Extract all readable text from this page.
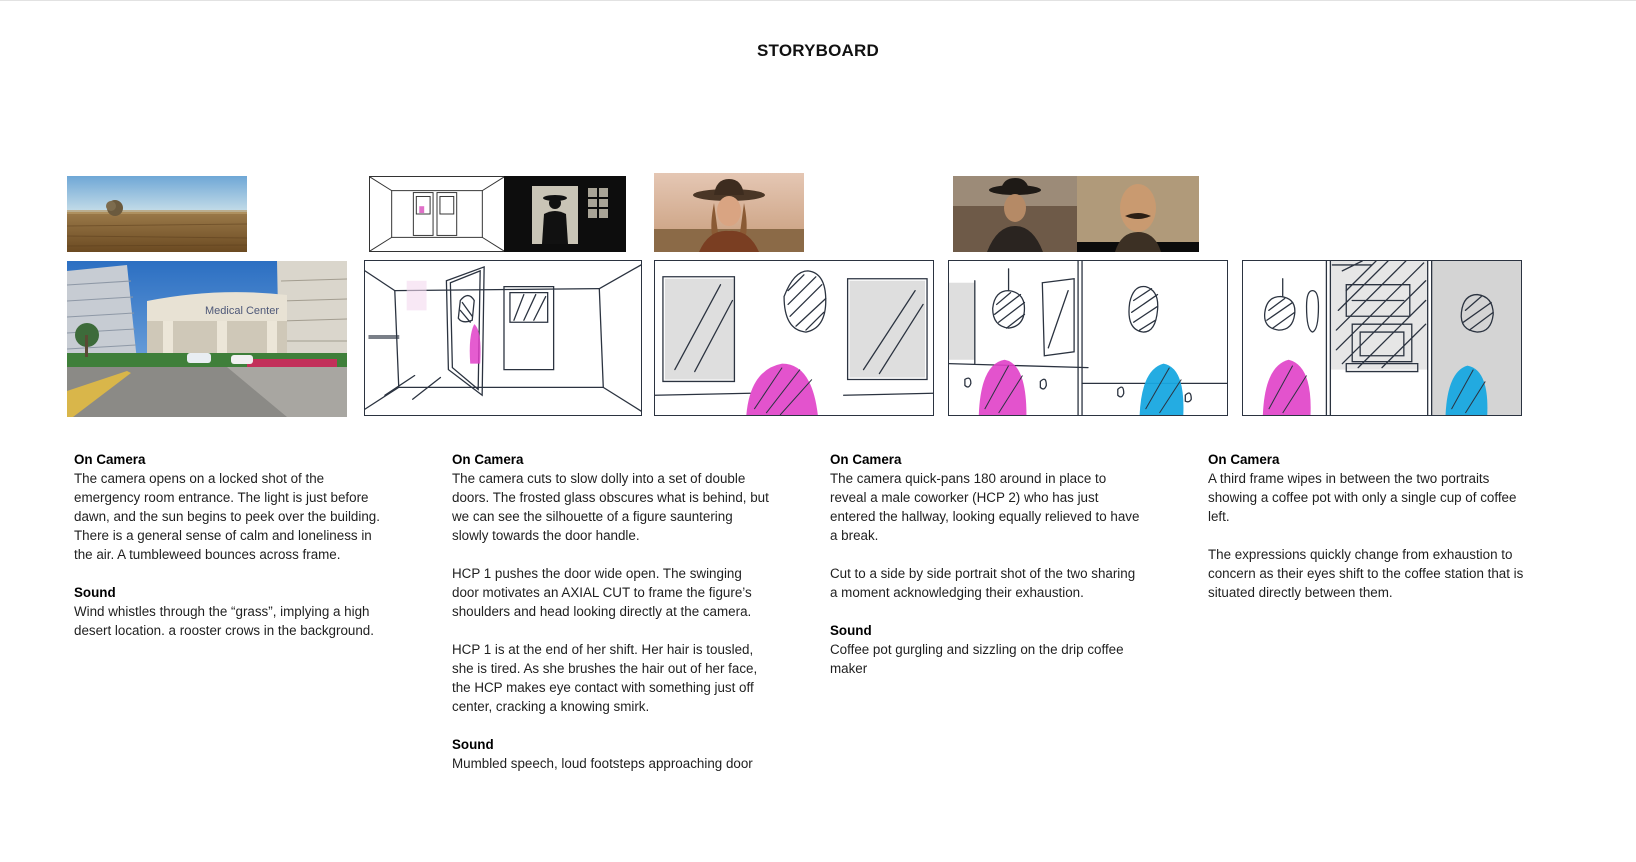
STORYBOARD
Medical Center

On Camera

The camera opens on a locked shot of the emergency room entrance. The light is just before dawn, and the sun begins to peek over the building. There is a general sense of calm and loneliness in the air. A tumbleweed bounces across frame.

Sound

Wind whistles through the “grass”, implying a high desert location. a rooster crows in the background.

On Camera

The camera cuts to slow dolly into a set of double doors. The frosted glass obscures what is behind, but we can see the silhouette of a figure sauntering slowly towards the door handle.

HCP 1 pushes the door wide open. The swinging door motivates an AXIAL CUT to frame the figure’s shoulders and head looking directly at the camera.

HCP 1 is at the end of her shift. Her hair is tousled, she is tired. As she brushes the hair out of her face, the HCP makes eye contact with something just off center, cracking a knowing smirk.

Sound

Mumbled speech, loud footsteps approaching door

On Camera

The camera quick-pans 180 around in place to reveal a male coworker (HCP 2) who has just entered the hallway, looking equally relieved to have a break.

Cut to a side by side portrait shot of the two sharing a moment acknowledging their exhaustion.

Sound

Coffee pot gurgling and sizzling on the drip coffee maker

On Camera

A third frame wipes in between the two portraits showing a coffee pot with only a single cup of coffee left.

The expressions quickly change from exhaustion to concern as their eyes shift to the coffee station that is situated directly between them.
